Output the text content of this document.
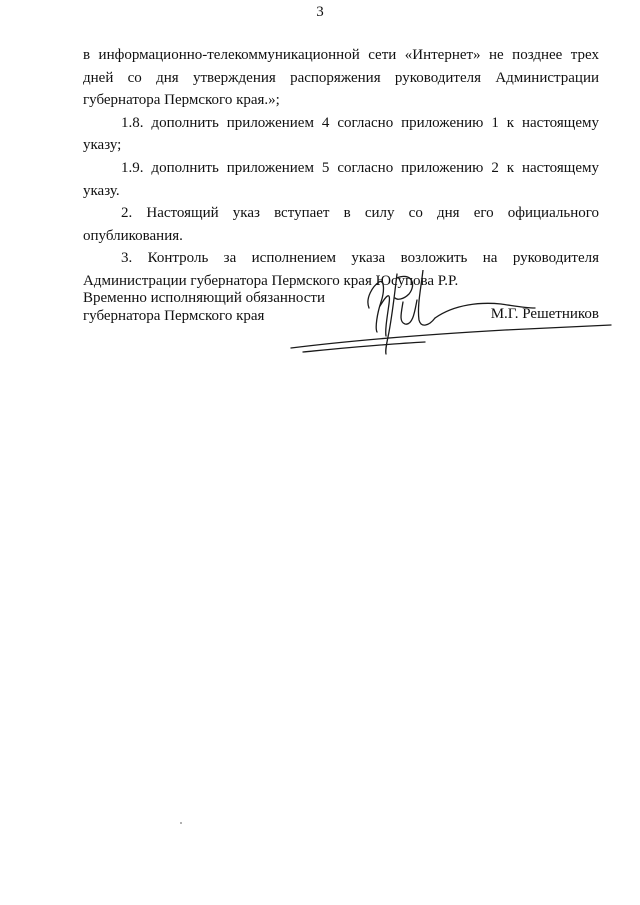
3

в информационно-телекоммуникационной сети «Интернет» не позднее трех дней со дня утверждения распоряжения руководителя Администрации губернатора Пермского края.»;

1.8. дополнить приложением 4 согласно приложению 1 к настоящему указу;

1.9. дополнить приложением 5 согласно приложению 2 к настоящему указу.

2. Настоящий указ вступает в силу со дня его официального опубликования.

3. Контроль за исполнением указа возложить на руководителя Администрации губернатора Пермского края Юсупова Р.Р.

Временно исполняющий обязанности
губернатора Пермского края	М.Г. Решетников
